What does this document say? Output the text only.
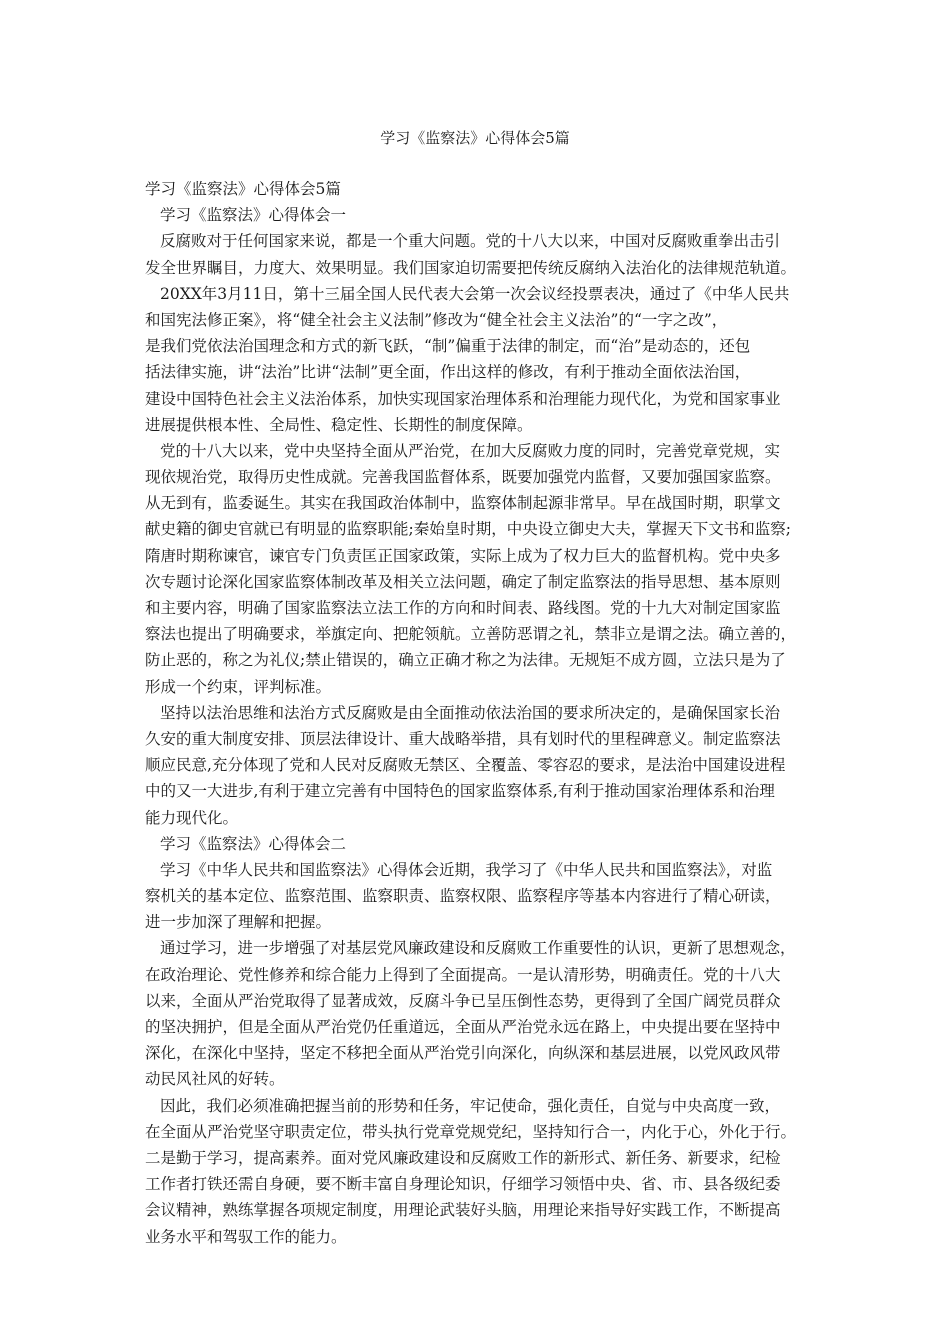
学习《监察法》心得体会5篇

学习《监察法》心得体会5篇

学习《监察法》心得体会一

反腐败对于任何国家来说，都是一个重大问题。党的十八大以来，中国对反腐败重拳出击引

发全世界瞩目，力度大、效果明显。我们国家迫切需要把传统反腐纳入法治化的法律规范轨道。

20XX年3月11日，第十三届全国人民代表大会第一次会议经投票表决，通过了《中华人民共

和国宪法修正案》，将“健全社会主义法制”修改为“健全社会主义法治”的“一字之改”，

是我们党依法治国理念和方式的新飞跃，“制”偏重于法律的制定，而“治”是动态的，还包

括法律实施，讲“法治”比讲“法制”更全面，作出这样的修改，有利于推动全面依法治国，

建设中国特色社会主义法治体系，加快实现国家治理体系和治理能力现代化，为党和国家事业

进展提供根本性、全局性、稳定性、长期性的制度保障。

党的十八大以来，党中央坚持全面从严治党，在加大反腐败力度的同时，完善党章党规，实

现依规治党，取得历史性成就。完善我国监督体系，既要加强党内监督，又要加强国家监察。

从无到有，监委诞生。其实在我国政治体制中，监察体制起源非常早。早在战国时期，职掌文

献史籍的御史官就已有明显的监察职能;秦始皇时期，中央设立御史大夫，掌握天下文书和监察;

隋唐时期称谏官，谏官专门负责匡正国家政策，实际上成为了权力巨大的监督机构。党中央多

次专题讨论深化国家监察体制改革及相关立法问题，确定了制定监察法的指导思想、基本原则

和主要内容，明确了国家监察法立法工作的方向和时间表、路线图。党的十九大对制定国家监

察法也提出了明确要求，举旗定向、把舵领航。立善防恶谓之礼，禁非立是谓之法。确立善的，

防止恶的，称之为礼仪;禁止错误的，确立正确才称之为法律。无规矩不成方圆，立法只是为了

形成一个约束，评判标准。

坚持以法治思维和法治方式反腐败是由全面推动依法治国的要求所决定的，是确保国家长治

久安的重大制度安排、顶层法律设计、重大战略举措，具有划时代的里程碑意义。制定监察法

顺应民意,充分体现了党和人民对反腐败无禁区、全覆盖、零容忍的要求，是法治中国建设进程

中的又一大进步,有利于建立完善有中国特色的国家监察体系,有利于推动国家治理体系和治理

能力现代化。

学习《监察法》心得体会二

学习《中华人民共和国监察法》心得体会近期，我学习了《中华人民共和国监察法》，对监

察机关的基本定位、监察范围、监察职责、监察权限、监察程序等基本内容进行了精心研读，

进一步加深了理解和把握。

通过学习，进一步增强了对基层党风廉政建设和反腐败工作重要性的认识，更新了思想观念，

在政治理论、党性修养和综合能力上得到了全面提高。一是认清形势，明确责任。党的十八大

以来，全面从严治党取得了显著成效，反腐斗争已呈压倒性态势，更得到了全国广阔党员群众

的坚决拥护，但是全面从严治党仍任重道远，全面从严治党永远在路上，中央提出要在坚持中

深化，在深化中坚持，坚定不移把全面从严治党引向深化，向纵深和基层进展，以党风政风带

动民风社风的好转。

因此，我们必须准确把握当前的形势和任务，牢记使命，强化责任，自觉与中央高度一致，

在全面从严治党坚守职责定位，带头执行党章党规党纪，坚持知行合一，内化于心，外化于行。

二是勤于学习，提高素养。面对党风廉政建设和反腐败工作的新形式、新任务、新要求，纪检

工作者打铁还需自身硬，要不断丰富自身理论知识，仔细学习领悟中央、省、市、县各级纪委

会议精神，熟练掌握各项规定制度，用理论武装好头脑，用理论来指导好实践工作，不断提高

业务水平和驾驭工作的能力。
